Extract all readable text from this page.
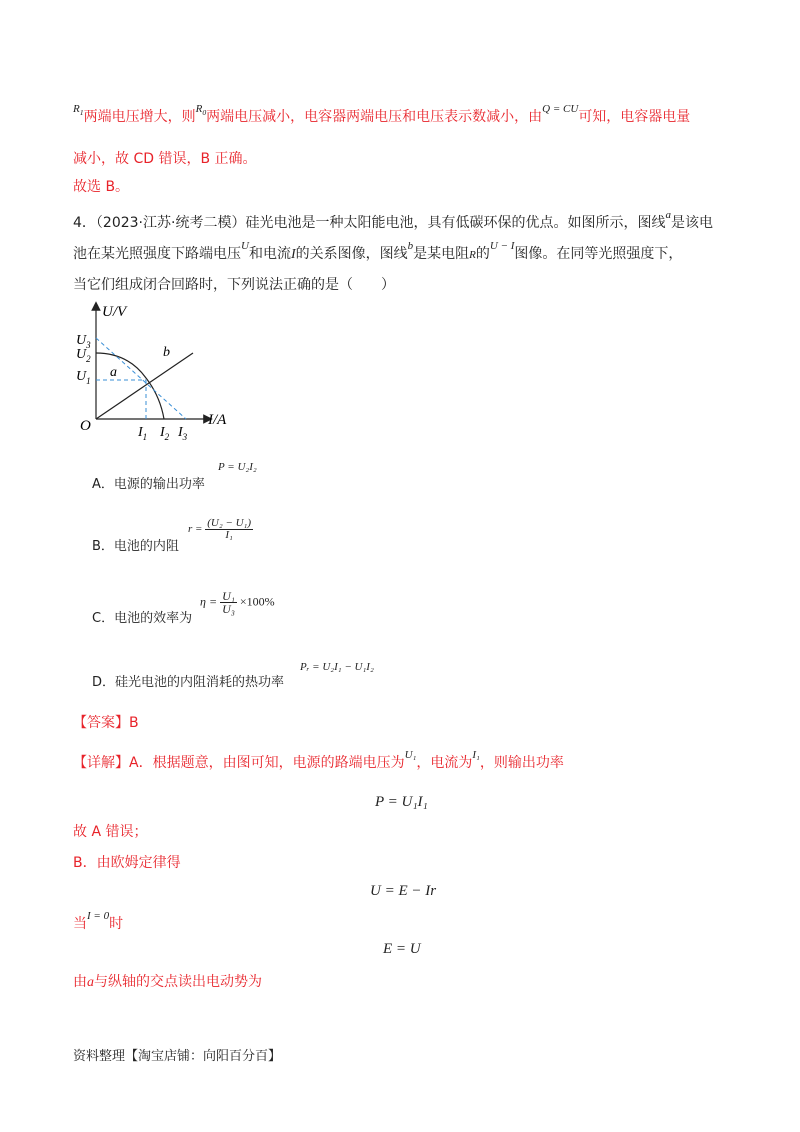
$^{R_1}$两端电压增大，则$^{R_0}$两端电压减小，电容器两端电压和电压表示数减小，由$^{Q = CU}$可知，电容器电量
减小，故 CD 错误，B 正确。
故选 B。
4．（2023·江苏·统考二模）硅光电池是一种太阳能电池，具有低碳环保的优点。如图所示，图线$^a$是该电
池在某光照强度下路端电压$^U$和电流I的关系图像，图线$^b$是某电阻R的$^{U - I}$图像。在同等光照强度下，
当它们组成闭合回路时，下列说法正确的是（　　）
U/V
I/A
O
$U_3$
$U_2$
$U_1$
$I_1$ $I_2$ $I_3$
a
b
A．电源的输出功率
P = U₂I₂
B．电池的内阻
$r = \frac{\text{(U₂ − U₁)}}{\text{I₁}}$
C．电池的效率为
$\eta = \frac{\text{U₁}}{\text{U₃}} \times 100\%$
D．硅光电池的内阻消耗的热功率
Pᵣ = U₂I₁ − U₁I₂
【答案】B
【详解】A．根据题意，由图可知，电源的路端电压为$^{U_1}$，电流为$^{I_1}$，则输出功率
P = U₁I₁
故 A 错误；
B．由欧姆定律得
U = E − Ir
当$^{I = 0}$时
E = U
由a与纵轴的交点读出电动势为
资料整理【淘宝店铺：向阳百分百】
